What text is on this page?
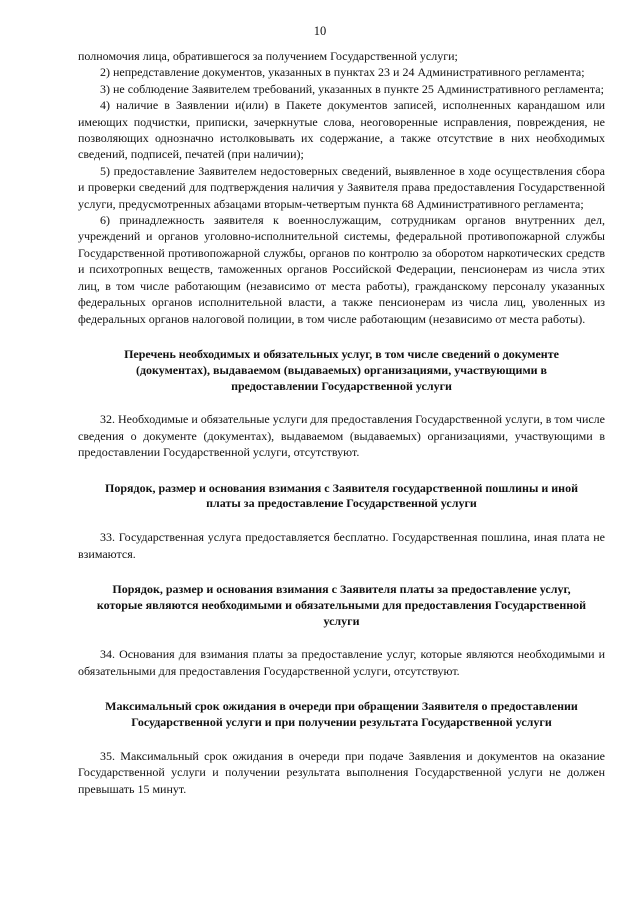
10

полномочия лица, обратившегося за получением Государственной услуги;

2) непредставление документов, указанных в пунктах 23 и 24 Административного регламента;

3) не соблюдение Заявителем требований, указанных в пункте 25 Административного регламента;

4) наличие в Заявлении и(или) в Пакете документов записей, исполненных карандашом или имеющих подчистки, приписки, зачеркнутые слова, неоговоренные исправления, повреждения, не позволяющих однозначно истолковывать их содержание, а также отсутствие в них необходимых сведений, подписей, печатей (при наличии);

5) предоставление Заявителем недостоверных сведений, выявленное в ходе осуществления сбора и проверки сведений для подтверждения наличия у Заявителя права предоставления Государственной услуги, предусмотренных абзацами вторым-четвертым пункта 68 Административного регламента;

6) принадлежность заявителя к военнослужащим, сотрудникам органов внутренних дел, учреждений и органов уголовно-исполнительной системы, федеральной противопожарной службы Государственной противопожарной службы, органов по контролю за оборотом наркотических средств и психотропных веществ, таможенных органов Российской Федерации, пенсионерам из числа этих лиц, в том числе работающим (независимо от места работы), гражданскому персоналу указанных федеральных органов исполнительной власти, а также пенсионерам из числа лиц, уволенных из федеральных органов налоговой полиции, в том числе работающим (независимо от места работы).

Перечень необходимых и обязательных услуг, в том числе сведений о документе (документах), выдаваемом (выдаваемых) организациями, участвующими в предоставлении Государственной услуги

32. Необходимые и обязательные услуги для предоставления Государственной услуги, в том числе сведения о документе (документах), выдаваемом (выдаваемых) организациями, участвующими в предоставлении Государственной услуги, отсутствуют.

Порядок, размер и основания взимания с Заявителя государственной пошлины и иной платы за предоставление Государственной услуги

33. Государственная услуга предоставляется бесплатно. Государственная пошлина, иная плата не взимаются.

Порядок, размер и основания взимания с Заявителя платы за предоставление услуг, которые являются необходимыми и обязательными для предоставления Государственной услуги

34. Основания для взимания платы за предоставление услуг, которые являются необходимыми и обязательными для предоставления Государственной услуги, отсутствуют.

Максимальный срок ожидания в очереди при обращении Заявителя о предоставлении Государственной услуги и при получении результата Государственной услуги

35. Максимальный срок ожидания в очереди при подаче Заявления и документов на оказание Государственной услуги и получении результата выполнения Государственной услуги не должен превышать 15 минут.
